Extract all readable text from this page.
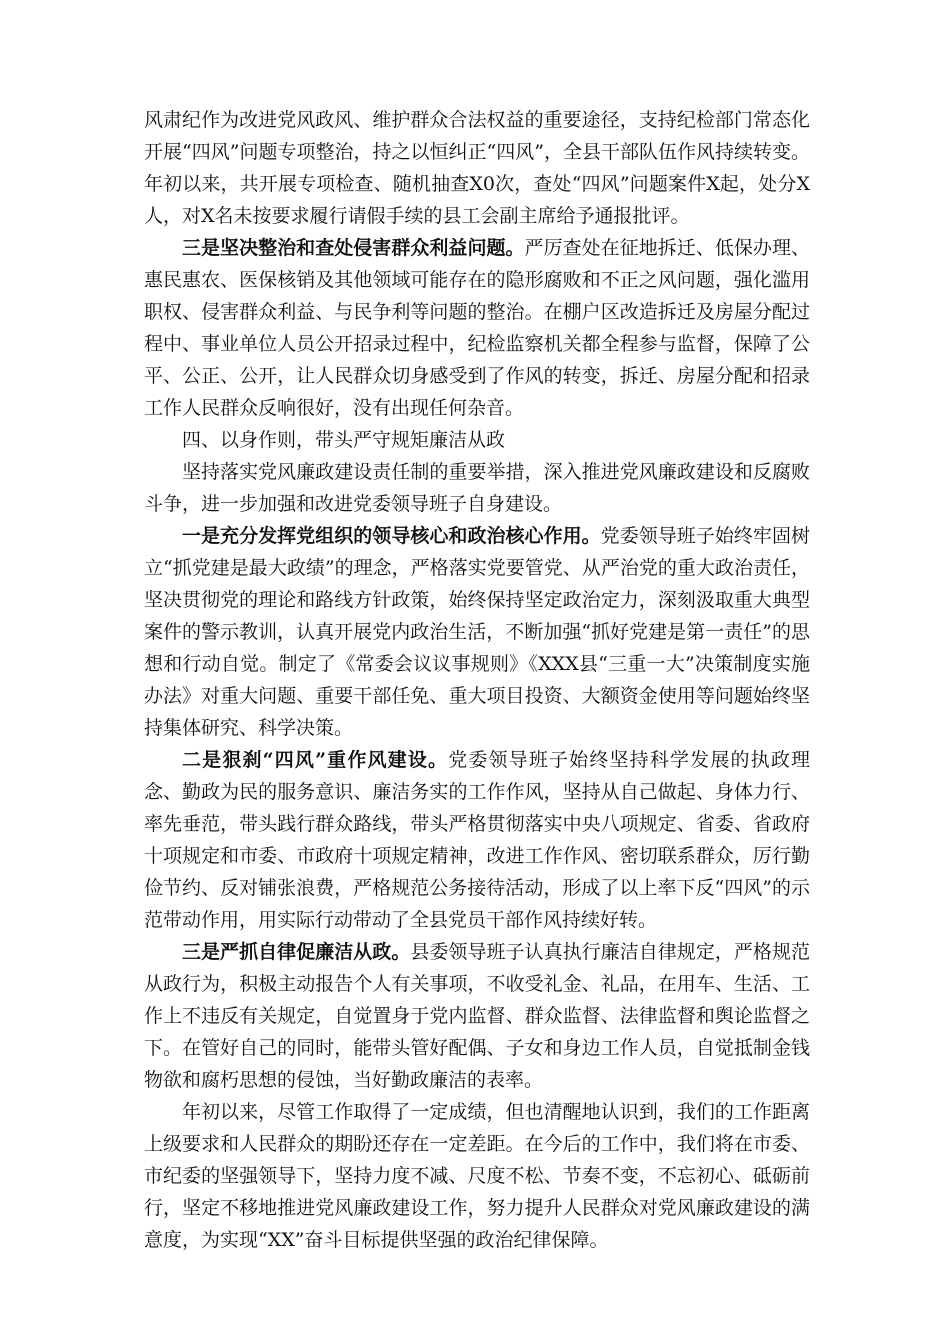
风肃纪作为改进党风政风、维护群众合法权益的重要途径，支持纪检部门常态化开展“四风”问题专项整治，持之以恒纠正“四风”，全县干部队伍作风持续转变。年初以来，共开展专项检查、随机抽查X0次，查处“四风”问题案件X起，处分X人，对X名未按要求履行请假手续的县工会副主席给予通报批评。

三是坚决整治和查处侵害群众利益问题。严厉查处在征地拆迁、低保办理、惠民惠农、医保核销及其他领域可能存在的隐形腐败和不正之风问题，强化滥用职权、侵害群众利益、与民争利等问题的整治。在棚户区改造拆迁及房屋分配过程中、事业单位人员公开招录过程中，纪检监察机关都全程参与监督，保障了公平、公正、公开，让人民群众切身感受到了作风的转变，拆迁、房屋分配和招录工作人民群众反响很好，没有出现任何杂音。

四、以身作则，带头严守规矩廉洁从政

坚持落实党风廉政建设责任制的重要举措，深入推进党风廉政建设和反腐败斗争，进一步加强和改进党委领导班子自身建设。

一是充分发挥党组织的领导核心和政治核心作用。党委领导班子始终牢固树立“抓党建是最大政绩”的理念，严格落实党要管党、从严治党的重大政治责任，坚决贯彻党的理论和路线方针政策，始终保持坚定政治定力，深刻汲取重大典型案件的警示教训，认真开展党内政治生活，不断加强“抓好党建是第一责任”的思想和行动自觉。制定了《常委会议议事规则》《XXX县“三重一大”决策制度实施办法》对重大问题、重要干部任免、重大项目投资、大额资金使用等问题始终坚持集体研究、科学决策。

二是狠刹“四风”重作风建设。党委领导班子始终坚持科学发展的执政理念、勤政为民的服务意识、廉洁务实的工作作风，坚持从自己做起、身体力行、率先垂范，带头践行群众路线，带头严格贯彻落实中央八项规定、省委、省政府十项规定和市委、市政府十项规定精神，改进工作作风、密切联系群众，厉行勤俭节约、反对铺张浪费，严格规范公务接待活动，形成了以上率下反“四风”的示范带动作用，用实际行动带动了全县党员干部作风持续好转。

三是严抓自律促廉洁从政。县委领导班子认真执行廉洁自律规定，严格规范从政行为，积极主动报告个人有关事项，不收受礼金、礼品，在用车、生活、工作上不违反有关规定，自觉置身于党内监督、群众监督、法律监督和舆论监督之下。在管好自己的同时，能带头管好配偶、子女和身边工作人员，自觉抵制金钱物欲和腐朽思想的侵蚀，当好勤政廉洁的表率。

年初以来，尽管工作取得了一定成绩，但也清醒地认识到，我们的工作距离上级要求和人民群众的期盼还存在一定差距。在今后的工作中，我们将在市委、市纪委的坚强领导下，坚持力度不减、尺度不松、节奏不变，不忘初心、砥砺前行，坚定不移地推进党风廉政建设工作，努力提升人民群众对党风廉政建设的满意度，为实现“XX”奋斗目标提供坚强的政治纪律保障。
